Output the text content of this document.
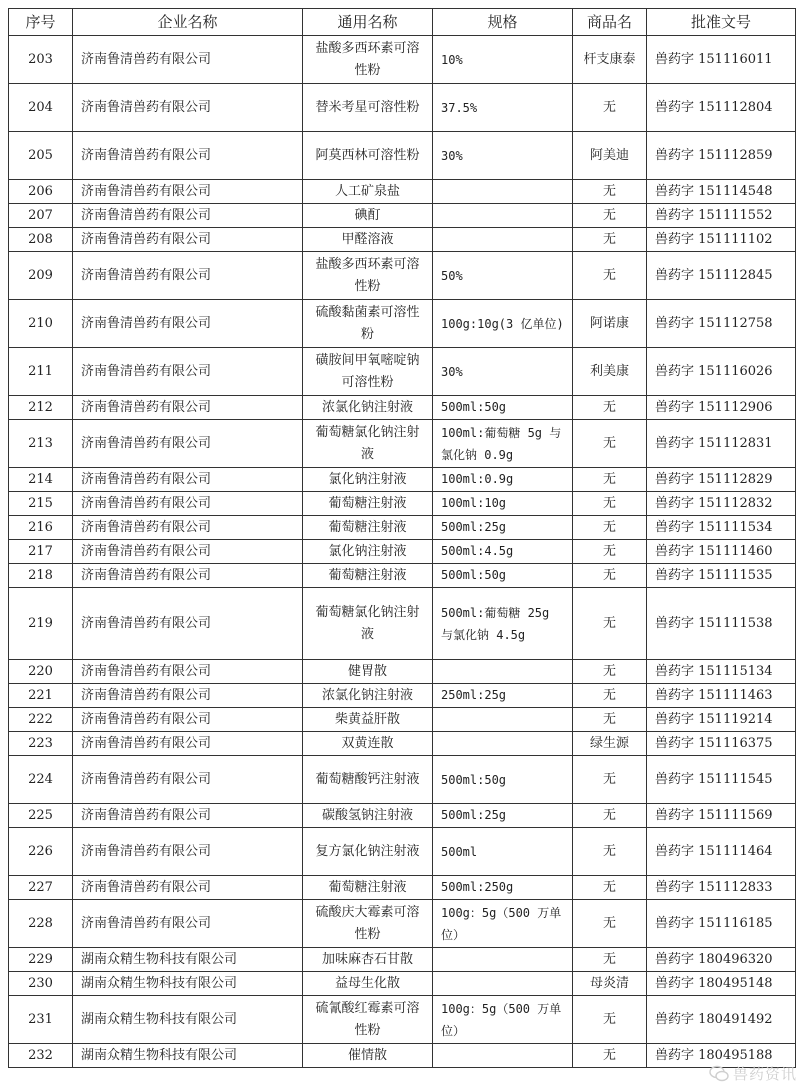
序号	企业名称	通用名称	规格	商品名	批准文号
203	济南鲁清兽药有限公司	盐酸多西环素可溶性粉	10%	杆支康泰	兽药字 151116011
204	济南鲁清兽药有限公司	替米考星可溶性粉	37.5%	无	兽药字 151112804
205	济南鲁清兽药有限公司	阿莫西林可溶性粉	30%	阿美迪	兽药字 151112859
206	济南鲁清兽药有限公司	人工矿泉盐		无	兽药字 151114548
207	济南鲁清兽药有限公司	碘酊		无	兽药字 151111552
208	济南鲁清兽药有限公司	甲醛溶液		无	兽药字 151111102
209	济南鲁清兽药有限公司	盐酸多西环素可溶性粉	50%	无	兽药字 151112845
210	济南鲁清兽药有限公司	硫酸黏菌素可溶性粉	100g:10g(3 亿单位)	阿诺康	兽药字 151112758
211	济南鲁清兽药有限公司	磺胺间甲氧嘧啶钠可溶性粉	30%	利美康	兽药字 151116026
212	济南鲁清兽药有限公司	浓氯化钠注射液	500ml:50g	无	兽药字 151112906
213	济南鲁清兽药有限公司	葡萄糖氯化钠注射液	100ml:葡萄糖 5g 与氯化钠 0.9g	无	兽药字 151112831
214	济南鲁清兽药有限公司	氯化钠注射液	100ml:0.9g	无	兽药字 151112829
215	济南鲁清兽药有限公司	葡萄糖注射液	100ml:10g	无	兽药字 151112832
216	济南鲁清兽药有限公司	葡萄糖注射液	500ml:25g	无	兽药字 151111534
217	济南鲁清兽药有限公司	氯化钠注射液	500ml:4.5g	无	兽药字 151111460
218	济南鲁清兽药有限公司	葡萄糖注射液	500ml:50g	无	兽药字 151111535
219	济南鲁清兽药有限公司	葡萄糖氯化钠注射液	500ml:葡萄糖 25g 与氯化钠 4.5g	无	兽药字 151111538
220	济南鲁清兽药有限公司	健胃散		无	兽药字 151115134
221	济南鲁清兽药有限公司	浓氯化钠注射液	250ml:25g	无	兽药字 151111463
222	济南鲁清兽药有限公司	柴黄益肝散		无	兽药字 151119214
223	济南鲁清兽药有限公司	双黄连散		绿生源	兽药字 151116375
224	济南鲁清兽药有限公司	葡萄糖酸钙注射液	500ml:50g	无	兽药字 151111545
225	济南鲁清兽药有限公司	碳酸氢钠注射液	500ml:25g	无	兽药字 151111569
226	济南鲁清兽药有限公司	复方氯化钠注射液	500ml	无	兽药字 151111464
227	济南鲁清兽药有限公司	葡萄糖注射液	500ml:250g	无	兽药字 151112833
228	济南鲁清兽药有限公司	硫酸庆大霉素可溶性粉	100g：5g（500 万单位）	无	兽药字 151116185
229	湖南众精生物科技有限公司	加味麻杏石甘散		无	兽药字 180496320
230	湖南众精生物科技有限公司	益母生化散		母炎清	兽药字 180495148
231	湖南众精生物科技有限公司	硫氰酸红霉素可溶性粉	100g：5g（500 万单位）	无	兽药字 180491492
232	湖南众精生物科技有限公司	催情散		无	兽药字 180495188
兽药资讯
